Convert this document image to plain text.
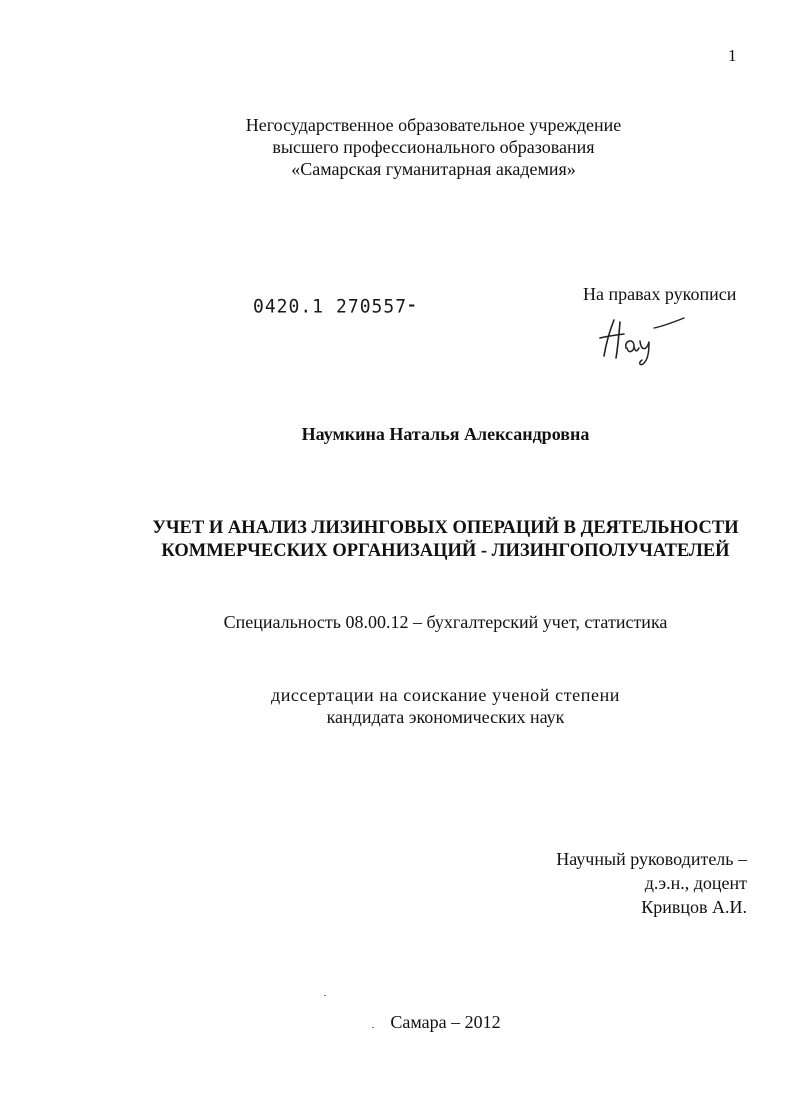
1
Негосударственное образовательное учреждение
высшего профессионального образования
«Самарская гуманитарная академия»
0420.1 270557⁃
На правах рукописи
Наумкина Наталья Александровна
УЧЕТ И АНАЛИЗ ЛИЗИНГОВЫХ ОПЕРАЦИЙ В ДЕЯТЕЛЬНОСТИ
КОММЕРЧЕСКИХ ОРГАНИЗАЦИЙ - ЛИЗИНГОПОЛУЧАТЕЛЕЙ
Специальность 08.00.12 – бухгалтерский учет, статистика
диссертации на соискание ученой степени
кандидата экономических наук
Научный руководитель –
д.э.н., доцент
Кривцов А.И.
Самара – 2012
